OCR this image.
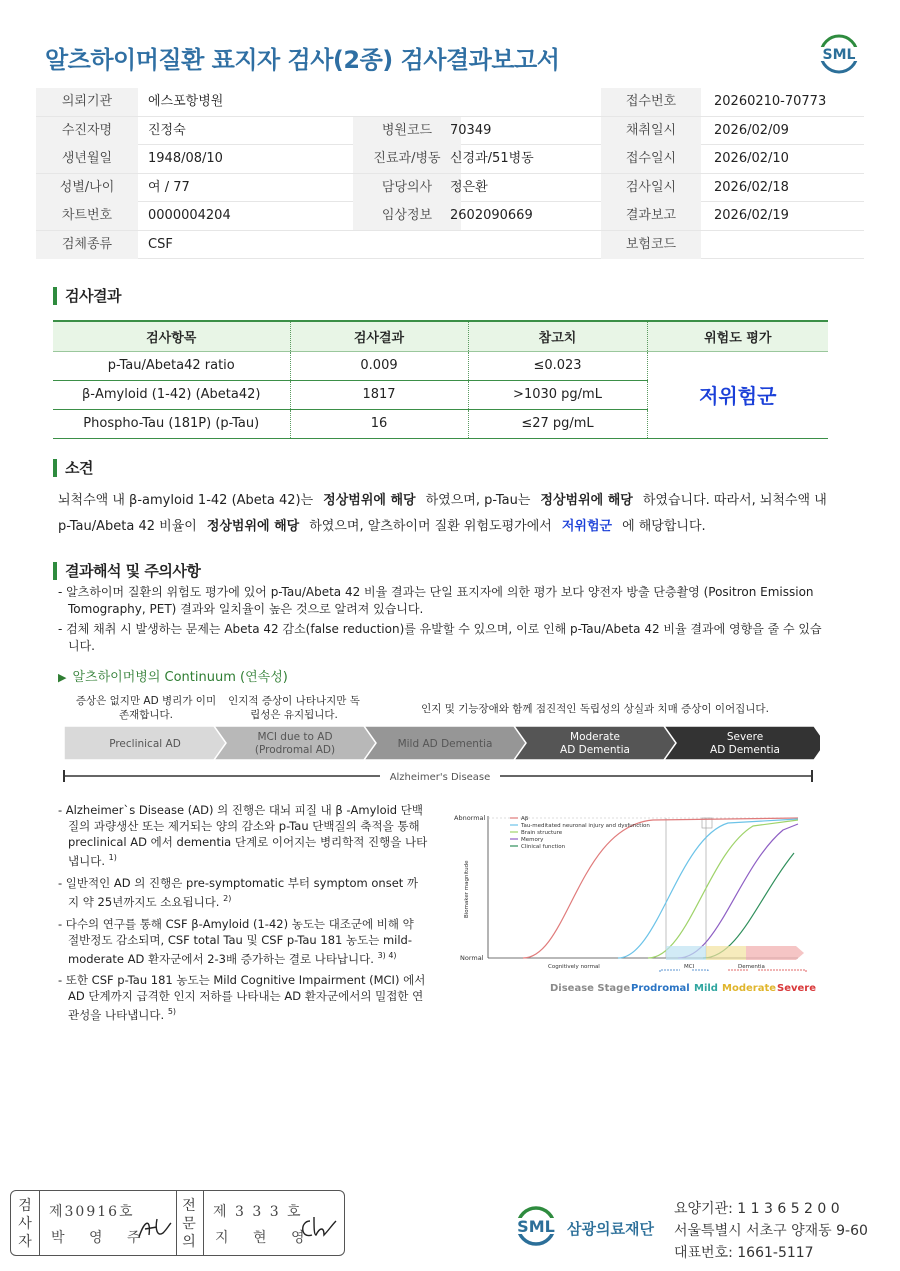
알츠하이머질환 표지자 검사(2종) 검사결과보고서	SML
의뢰기관	에스포항병원	접수번호	20260210-70773
수진자명	진정숙	병원코드	70349	채취일시	2026/02/09
생년월일	1948/08/10	진료과/병동 신경과/51병동	접수일시	2026/02/10
성별/나이	여 / 77	담당의사	정은환	검사일시	2026/02/18
차트번호	0000004204	임상정보	2602090669	결과보고	2026/02/19
검체종류	CSF	보험코드
검사결과
검사항목	검사결과	참고치	위험도 평가
p-Tau/Abeta42 ratio	0.009	≤0.023	저위험군
β-Amyloid (1-42) (Abeta42)	1817	>1030 pg/mL	
Phospho-Tau (181P) (p-Tau)	16	≤27 pg/mL	
소견
뇌척수액 내 β-amyloid 1-42 (Abeta 42)는 정상범위에 해당 하였으며, p-Tau는 정상범위에 해당 하였습니다. 따라서, 뇌척수액 내
p-Tau/Abeta 42 비율이 정상범위에 해당 하였으며, 알츠하이머 질환 위험도평가에서 저위험군 에 해당합니다.
결과해석 및 주의사항
- 알츠하이머 질환의 위험도 평가에 있어 p-Tau/Abeta 42 비율 결과는 단일 표지자에 의한 평가 보다 양전자 방출 단층촬영 (Positron Emission Tomography, PET) 결과와 일치율이 높은 것으로 알려져 있습니다.
- 검체 채취 시 발생하는 문제는 Abeta 42 감소(false reduction)를 유발할 수 있으며, 이로 인해 p-Tau/Abeta 42 비율 결과에 영향을 줄 수 있습니다.
▶ 알츠하이머병의 Continuum (연속성)
증상은 없지만 AD 병리가 이미 존재합니다.
인지적 증상이 나타나지만 독립성은 유지됩니다.	인지 및 기능장애와 함께 점진적인 독립성의 상실과 치매 증상이 이어집니다.
Preclinical AD
MCI due to AD
(Prodromal AD)	Mild AD Dementia
Moderate
AD Dementia
Severe
AD Dementia
Alzheimer's Disease
- Alzheimer`s Disease (AD) 의 진행은 대뇌 피질 내 β -Amyloid 단백질의 과량생산 또는 제거되는 양의 감소와 p-Tau 단백질의 축적을 통해 preclinical AD 에서 dementia 단계로 이어지는 병리학적 진행을 나타냅니다. $^{1)}$
- 일반적인 AD 의 진행은 pre-symptomatic 부터 symptom onset 까지 약 25년까지도 소요됩니다. $^{2)}$
- 다수의 연구를 통해 CSF β-Amyloid (1-42) 농도는 대조군에 비해 약 절반정도 감소되며, CSF total Tau 및 CSF p-Tau 181 농도는 mild-moderate AD 환자군에서 2-3배 증가하는 결로 나타납니다. $^{3) 4)}$
- 또한 CSF p-Tau 181 농도는 Mild Cognitive Impairment (MCI) 에서 AD 단계까지 급격한 인지 저하를 나타내는 AD 환자군에서의 밀접한 연관성을 나타냅니다. $^{5)}$
Abnormal
Normal
Biomaker magnitude
Aβ
Tau-meditated neuronal injury and dysfunction
Brain structure
Memory
Clinical function
Cognitively normal	MCI	Dementia
Disease Stage Prodromal Mild Moderate Severe
검
사
자
제30916호
박 영 주
전
문
의
제 3 3 3 호
지 현 영
SML 삼광의료재단
요양기관: 1 1 3 6 5 2 0 0
서울특별시 서초구 양재동 9-60
대표번호: 1661-5117
